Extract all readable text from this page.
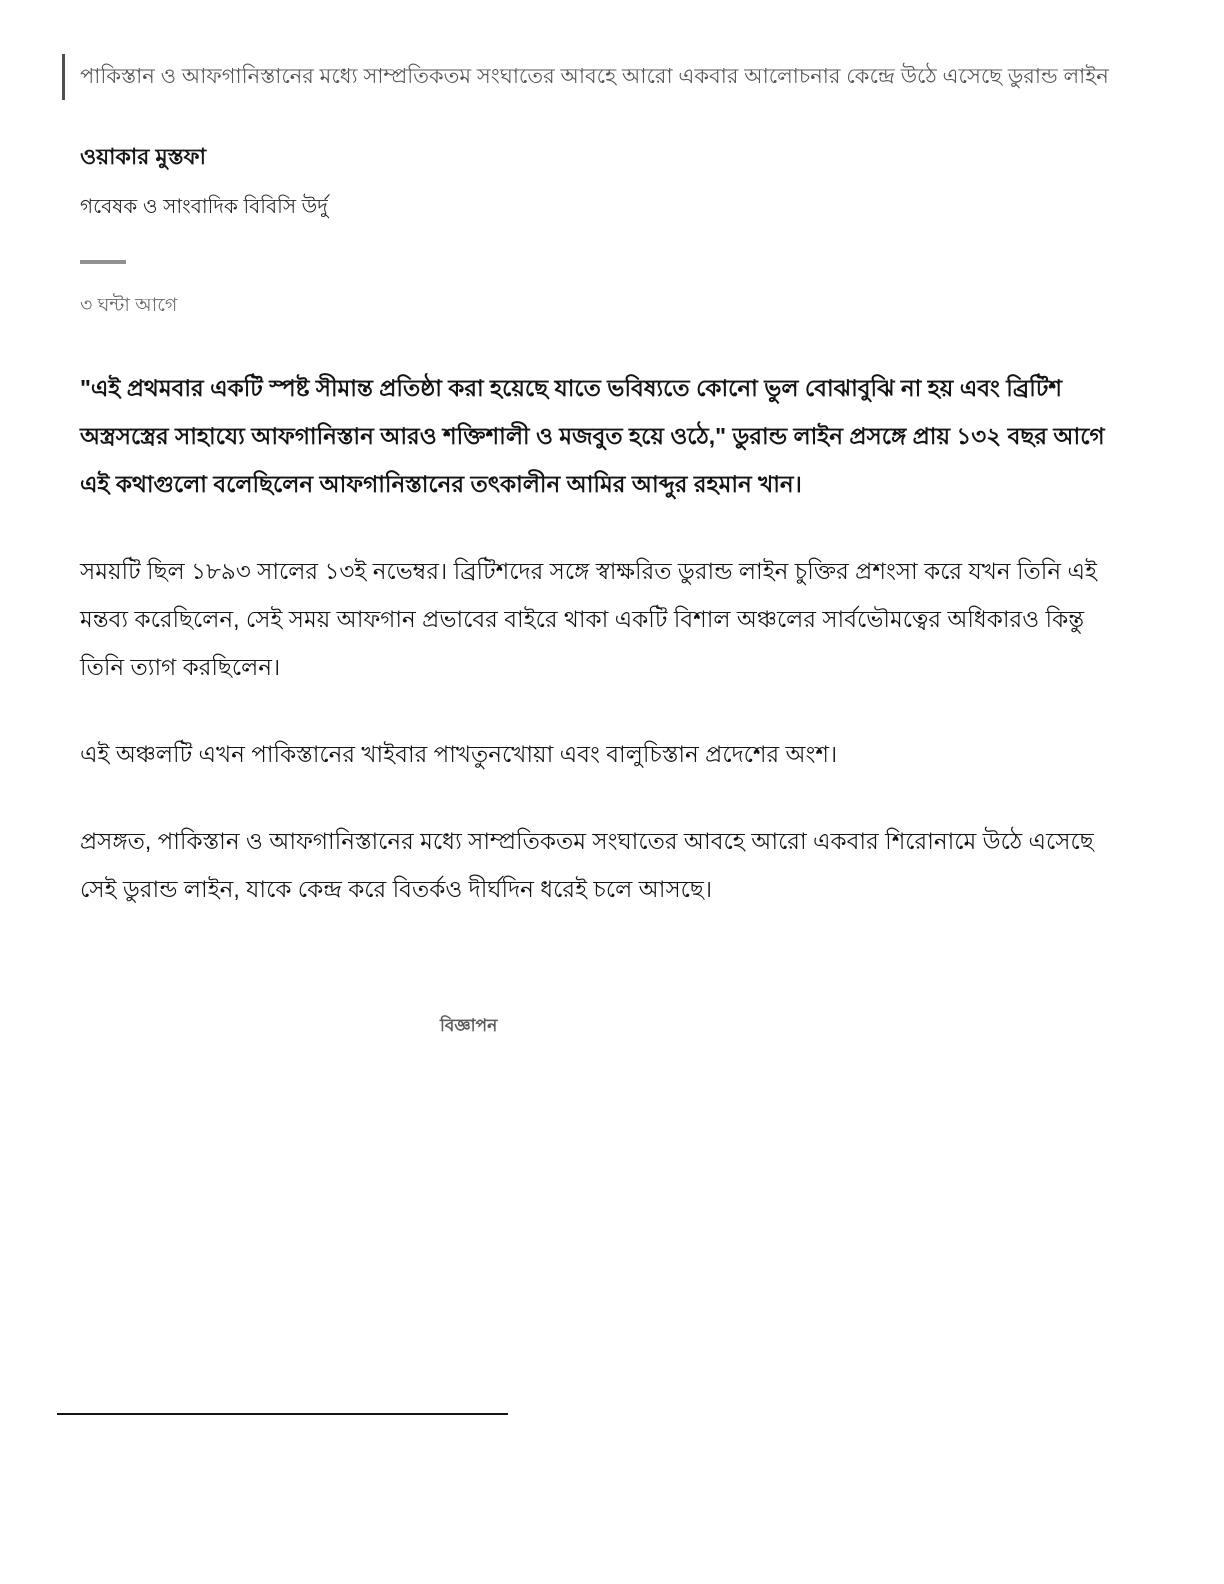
পাকিস্তান ও আফগানিস্তানের মধ্যে সাম্প্রতিকতম সংঘাতের আবহে আরো একবার আলোচনার কেন্দ্রে উঠে এসেছে ডুরান্ড লাইন
ওয়াকার মুস্তফা
গবেষক ও সাংবাদিক বিবিসি উর্দু
৩ ঘন্টা আগে

"এই প্রথমবার একটি স্পষ্ট সীমান্ত প্রতিষ্ঠা করা হয়েছে যাতে ভবিষ্যতে কোনো ভুল বোঝাবুঝি না হয় এবং ব্রিটিশ অস্ত্রসস্ত্রের সাহায্যে আফগানিস্তান আরও শক্তিশালী ও মজবুত হয়ে ওঠে," ডুরান্ড লাইন প্রসঙ্গে প্রায় ১৩২ বছর আগে এই কথাগুলো বলেছিলেন আফগানিস্তানের তৎকালীন আমির আব্দুর রহমান খান।

সময়টি ছিল ১৮৯৩ সালের ১৩ই নভেম্বর। ব্রিটিশদের সঙ্গে স্বাক্ষরিত ডুরান্ড লাইন চুক্তির প্রশংসা করে যখন তিনি এই মন্তব্য করেছিলেন, সেই সময় আফগান প্রভাবের বাইরে থাকা একটি বিশাল অঞ্চলের সার্বভৌমত্বের অধিকারও কিন্তু তিনি ত্যাগ করছিলেন।

এই অঞ্চলটি এখন পাকিস্তানের খাইবার পাখতুনখোয়া এবং বালুচিস্তান প্রদেশের অংশ।

প্রসঙ্গত, পাকিস্তান ও আফগানিস্তানের মধ্যে সাম্প্রতিকতম সংঘাতের আবহে আরো একবার শিরোনামে উঠে এসেছে সেই ডুরান্ড লাইন, যাকে কেন্দ্র করে বিতর্কও দীর্ঘদিন ধরেই চলে আসছে।

বিজ্ঞাপন
